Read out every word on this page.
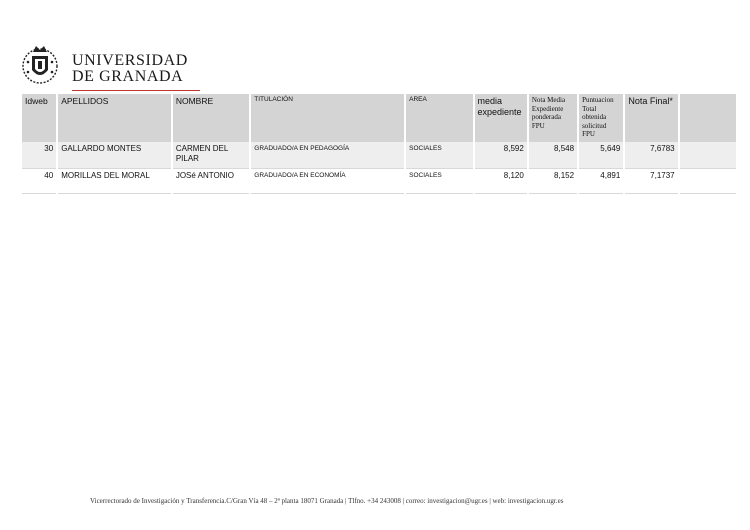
UNIVERSIDAD
DE GRANADA
Idweb	APELLIDOS	NOMBRE	TITULACIÓN	AREA	media expediente	Nota Media Expediente ponderada FPU	Puntuacion Total obtenida solicitud FPU	Nota Final*	
30	GALLARDO MONTES	CARMEN DEL PILAR	GRADUADO/A EN PEDAGOGÍA	SOCIALES	8,592	8,548	5,649	7,6783	
40	MORILLAS DEL MORAL	JOSé ANTONIO	GRADUADO/A EN ECONOMÍA	SOCIALES	8,120	8,152	4,891	7,1737	
Vicerrectorado de Investigación y Transferencia.C/Gran Vía 48 – 2ª planta 18071 Granada | Tlfno. +34 243008 | correo: investigacion@ugr.es | web: investigacion.ugr.es
